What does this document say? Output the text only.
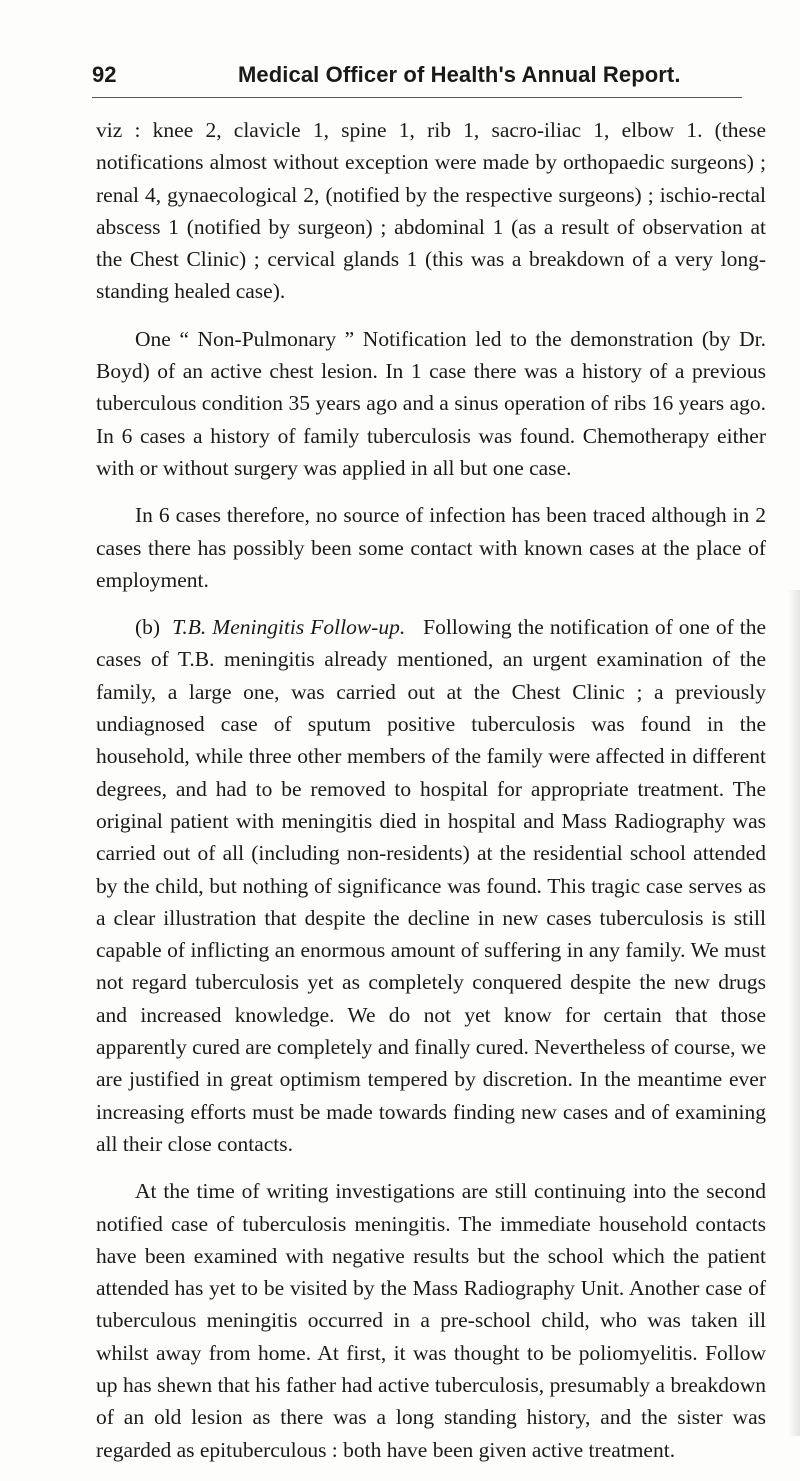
92	Medical Officer of Health's Annual Report.

viz : knee 2, clavicle 1, spine 1, rib 1, sacro-iliac 1, elbow 1. (these notifications almost without exception were made by orthopaedic surgeons) ; renal 4, gynaecological 2, (notified by the respective surgeons) ; ischio-rectal abscess 1 (notified by surgeon) ; abdominal 1 (as a result of observation at the Chest Clinic) ; cervical glands 1 (this was a breakdown of a very long-standing healed case).

One “ Non-Pulmonary ” Notification led to the demonstration (by Dr. Boyd) of an active chest lesion. In 1 case there was a history of a previous tuberculous condition 35 years ago and a sinus operation of ribs 16 years ago. In 6 cases a history of family tuberculosis was found. Chemotherapy either with or without surgery was applied in all but one case.

In 6 cases therefore, no source of infection has been traced although in 2 cases there has possibly been some contact with known cases at the place of employment.

(b) T.B. Meningitis Follow-up. Following the notification of one of the cases of T.B. meningitis already mentioned, an urgent examination of the family, a large one, was carried out at the Chest Clinic ; a previously undiagnosed case of sputum positive tuberculosis was found in the household, while three other members of the family were affected in different degrees, and had to be removed to hospital for appropriate treatment. The original patient with meningitis died in hospital and Mass Radiography was carried out of all (including non-residents) at the residential school attended by the child, but nothing of significance was found. This tragic case serves as a clear illustration that despite the decline in new cases tuberculosis is still capable of inflicting an enormous amount of suffering in any family. We must not regard tuberculosis yet as completely conquered despite the new drugs and increased knowledge. We do not yet know for certain that those apparently cured are completely and finally cured. Nevertheless of course, we are justified in great optimism tempered by discretion. In the meantime ever increasing efforts must be made towards finding new cases and of examining all their close contacts.

At the time of writing investigations are still continuing into the second notified case of tuberculosis meningitis. The immediate household contacts have been examined with negative results but the school which the patient attended has yet to be visited by the Mass Radiography Unit. Another case of tuberculous meningitis occurred in a pre-school child, who was taken ill whilst away from home. At first, it was thought to be poliomyelitis. Follow up has shewn that his father had active tuberculosis, presumably a breakdown of an old lesion as there was a long standing history, and the sister was regarded as epituberculous : both have been given active treatment.
